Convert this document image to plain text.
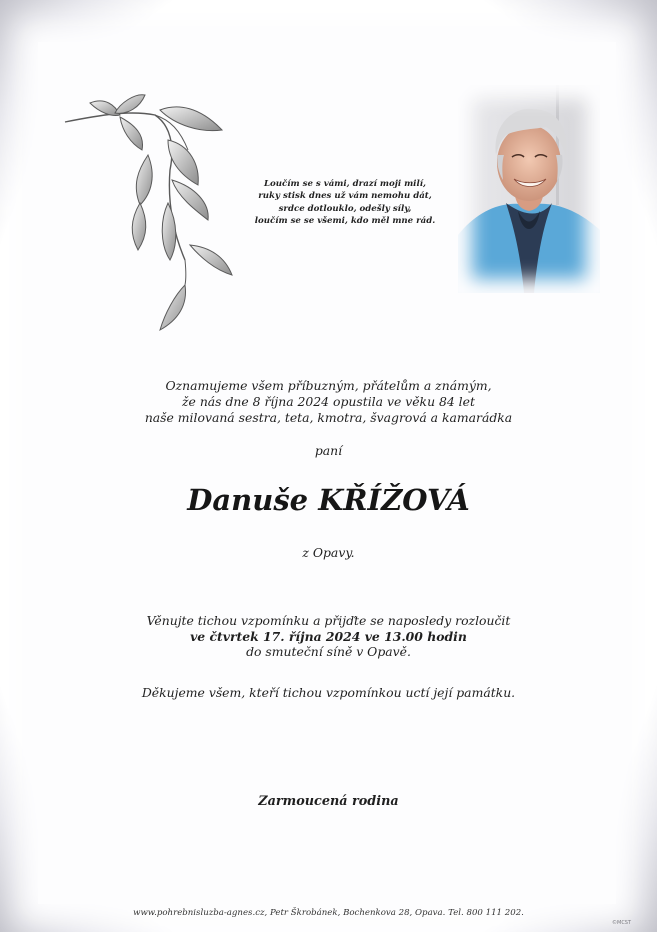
Loučím se s vámi, drazí moji milí,
ruky stisk dnes už vám nemohu dát,
srdce dotlouklo, odešly síly,
loučím se se všemi, kdo měl mne rád.
Oznamujeme všem příbuzným, přátelům a známým,
že nás dne 8 října 2024 opustila ve věku 84 let
naše milovaná sestra, teta, kmotra, švagrová a kamarádka
paní
Danuše KŘÍŽOVÁ
z Opavy.
Věnujte tichou vzpomínku a přijďte se naposledy rozloučit
ve čtvrtek 17. října 2024 ve 13.00 hodin
do smuteční síně v Opavě.
Děkujeme všem, kteří tichou vzpomínkou uctí její památku.
Zarmoucená rodina
www.pohrebnisluzba-agnes.cz, Petr Škrobánek, Bochenkova 28, Opava. Tel. 800 111 202.
©MCST
